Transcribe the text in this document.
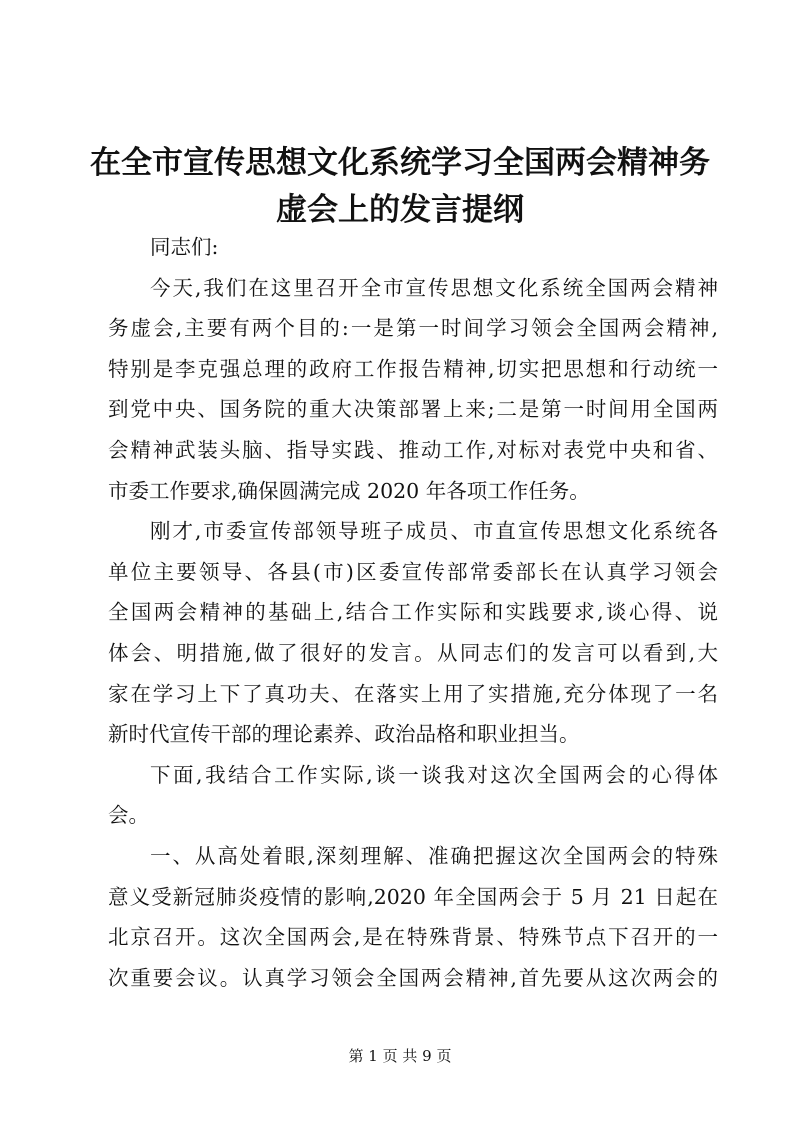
在全市宣传思想文化系统学习全国两会精神务
虚会上的发言提纲

同志们:

今天,我们在这里召开全市宣传思想文化系统全国两会精神
务虚会,主要有两个目的:一是第一时间学习领会全国两会精神,
特别是李克强总理的政府工作报告精神,切实把思想和行动统一
到党中央、国务院的重大决策部署上来;二是第一时间用全国两
会精神武装头脑、指导实践、推动工作,对标对表党中央和省、
市委工作要求,确保圆满完成 2020 年各项工作任务。

刚才,市委宣传部领导班子成员、市直宣传思想文化系统各
单位主要领导、各县(市)区委宣传部常委部长在认真学习领会
全国两会精神的基础上,结合工作实际和实践要求,谈心得、说
体会、明措施,做了很好的发言。从同志们的发言可以看到,大
家在学习上下了真功夫、在落实上用了实措施,充分体现了一名
新时代宣传干部的理论素养、政治品格和职业担当。

下面,我结合工作实际,谈一谈我对这次全国两会的心得体
会。

一、从高处着眼,深刻理解、准确把握这次全国两会的特殊
意义受新冠肺炎疫情的影响,2020 年全国两会于 5 月 21 日起在
北京召开。这次全国两会,是在特殊背景、特殊节点下召开的一
次重要会议。认真学习领会全国两会精神,首先要从这次两会的

第 1 页 共 9 页
